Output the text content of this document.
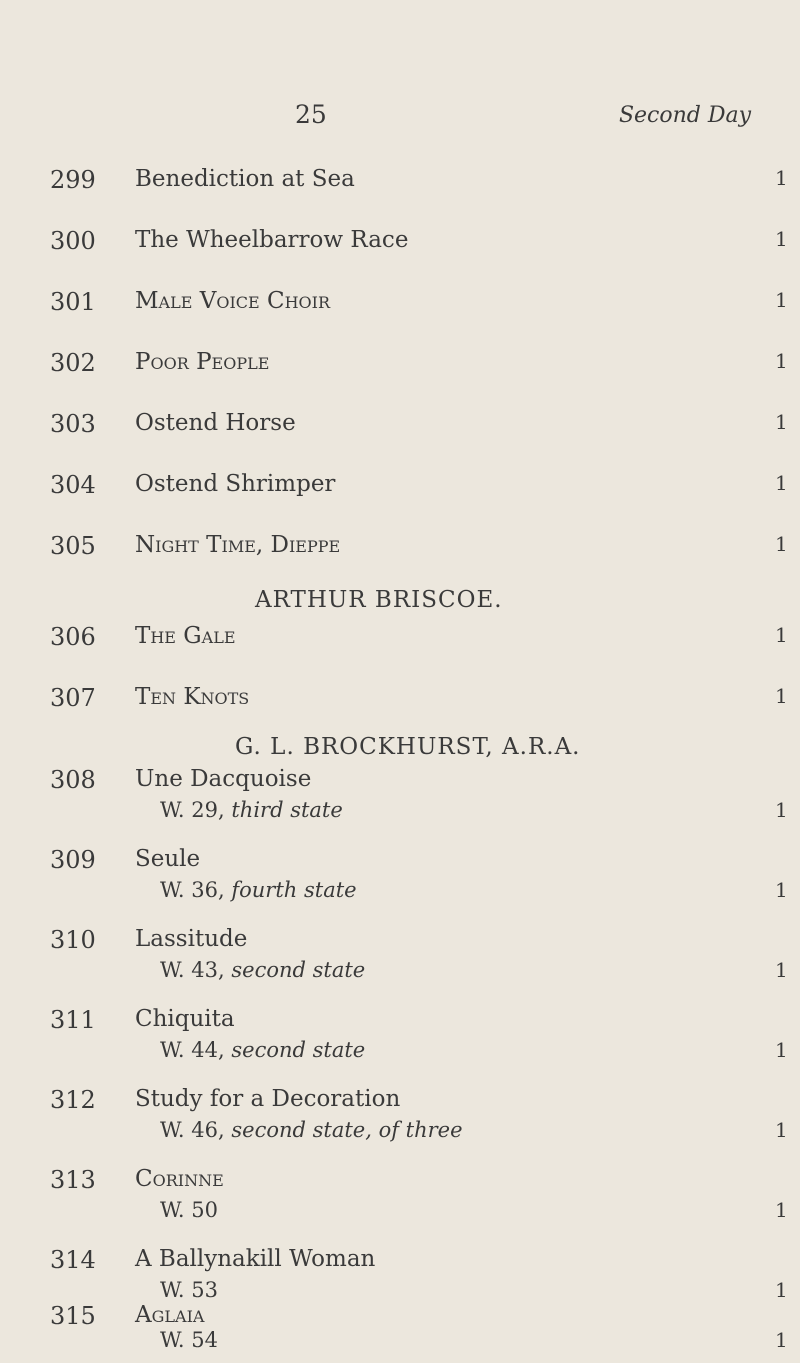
25	Second Day
299 Benediction at Sea	1
300 The Wheelbarrow Race	1
301 Male Voice Choir	1
302 Poor People	1
303 Ostend Horse	1
304 Ostend Shrimper	1
305 Night Time, Dieppe	1
ARTHUR BRISCOE.
306 The Gale	1
307 Ten Knots	1
G. L. BROCKHURST, A.R.A.
308 Une Dacquoise
W. 29, third state	1
309 Seule
W. 36, fourth state	1
310 Lassitude
W. 43, second state	1
311 Chiquita
W. 44, second state	1
312 Study for a Decoration
W. 46, second state, of three	1
313 Corinne
W. 50	1
314 A Ballynakill Woman
W. 53	1
315 Aglaia
W. 54	1
